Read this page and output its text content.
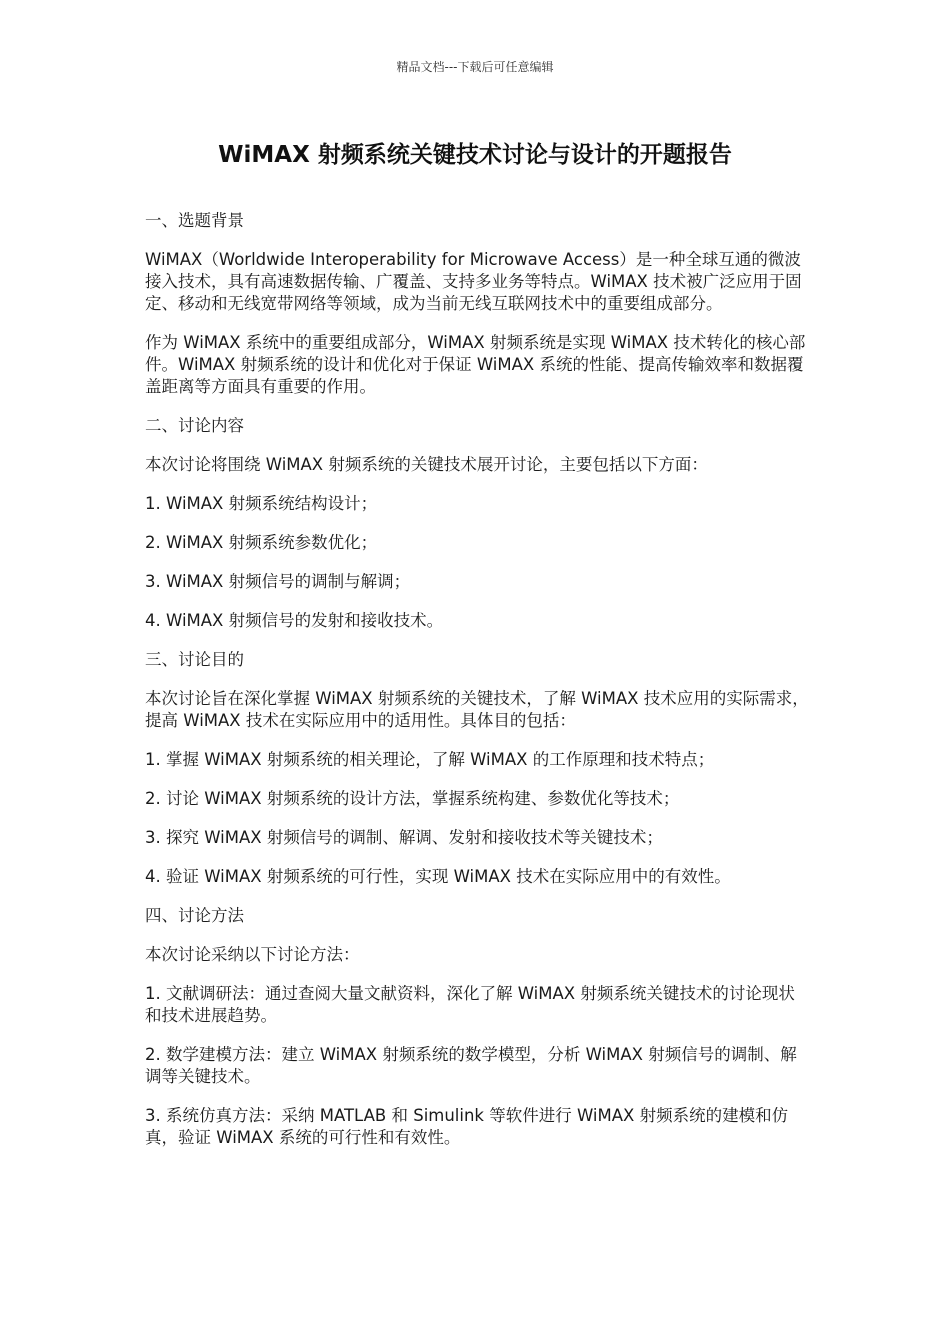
精品文档---下载后可任意编辑
WiMAX 射频系统关键技术讨论与设计的开题报告

一、选题背景

WiMAX（Worldwide Interoperability for Microwave Access）是一种全球互通的微波接入技术，具有高速数据传输、广覆盖、支持多业务等特点。WiMAX 技术被广泛应用于固定、移动和无线宽带网络等领域，成为当前无线互联网技术中的重要组成部分。

作为 WiMAX 系统中的重要组成部分，WiMAX 射频系统是实现 WiMAX 技术转化的核心部件。WiMAX 射频系统的设计和优化对于保证 WiMAX 系统的性能、提高传输效率和数据覆盖距离等方面具有重要的作用。

二、讨论内容

本次讨论将围绕 WiMAX 射频系统的关键技术展开讨论，主要包括以下方面：

1. WiMAX 射频系统结构设计；

2. WiMAX 射频系统参数优化；

3. WiMAX 射频信号的调制与解调；

4. WiMAX 射频信号的发射和接收技术。

三、讨论目的

本次讨论旨在深化掌握 WiMAX 射频系统的关键技术，了解 WiMAX 技术应用的实际需求，提高 WiMAX 技术在实际应用中的适用性。具体目的包括：

1. 掌握 WiMAX 射频系统的相关理论，了解 WiMAX 的工作原理和技术特点；

2. 讨论 WiMAX 射频系统的设计方法，掌握系统构建、参数优化等技术；

3. 探究 WiMAX 射频信号的调制、解调、发射和接收技术等关键技术；

4. 验证 WiMAX 射频系统的可行性，实现 WiMAX 技术在实际应用中的有效性。

四、讨论方法

本次讨论采纳以下讨论方法：

1. 文献调研法：通过查阅大量文献资料，深化了解 WiMAX 射频系统关键技术的讨论现状和技术进展趋势。

2. 数学建模方法：建立 WiMAX 射频系统的数学模型，分析 WiMAX 射频信号的调制、解调等关键技术。

3. 系统仿真方法：采纳 MATLAB 和 Simulink 等软件进行 WiMAX 射频系统的建模和仿真，验证 WiMAX 系统的可行性和有效性。
